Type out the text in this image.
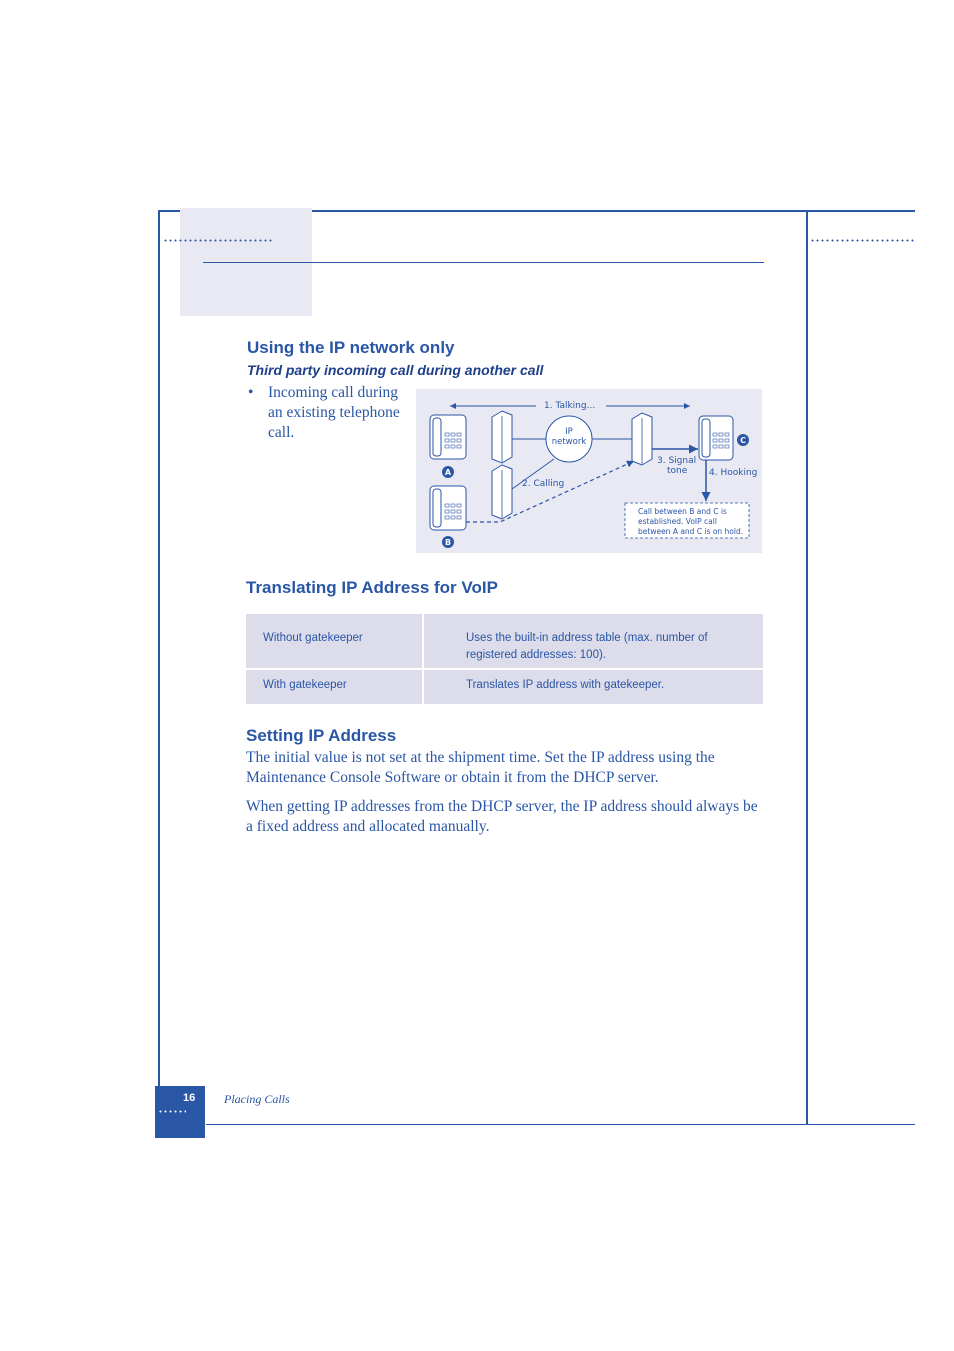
Using the IP network only
Third party incoming call during another call
• Incoming call during an existing telephone call.
1. Talking...
A
B
IP
network
2. Calling
3. Signal
tone
C
4. Hooking
Call between B and C is
established. VoIP call
between A and C is on hold.
Translating IP Address for VoIP
Without gatekeeper	Uses the built-in address table (max. number of registered addresses: 100).

With gatekeeper	Translates IP address with gatekeeper.
Setting IP Address
The initial value is not set at the shipment time. Set the IP address using the Maintenance Console Software or obtain it from the DHCP server.
When getting IP addresses from the DHCP server, the IP address should always be a fixed address and allocated manually.
16 Placing Calls
